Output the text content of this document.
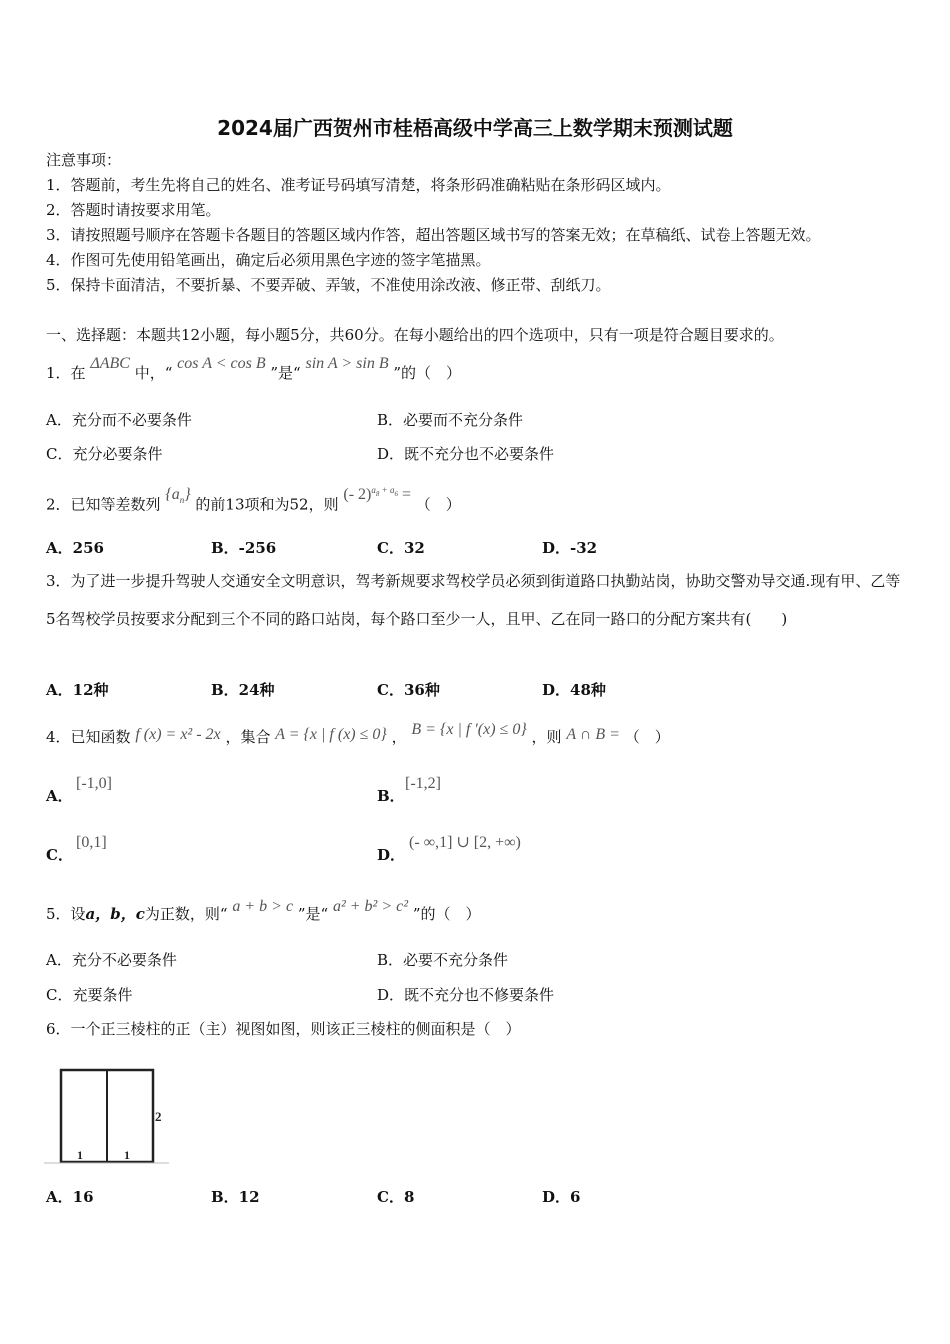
2024届广西贺州市桂梧高级中学高三上数学期末预测试题
注意事项：
1．答题前，考生先将自己的姓名、准考证号码填写清楚，将条形码准确粘贴在条形码区域内。
2．答题时请按要求用笔。
3．请按照题号顺序在答题卡各题目的答题区域内作答，超出答题区域书写的答案无效；在草稿纸、试卷上答题无效。
4．作图可先使用铅笔画出，确定后必须用黑色字迹的签字笔描黑。
5．保持卡面清洁，不要折暴、不要弄破、弄皱，不准使用涂改液、修正带、刮纸刀。
一、选择题：本题共12小题，每小题5分，共60分。在每小题给出的四个选项中，只有一项是符合题目要求的。
1．在 ΔABC 中，“ cos A < cos B ”是“ sin A > sin B ”的（　）
A．充分而不必要条件	B．必要而不充分条件
C．充分必要条件	D．既不充分也不必要条件
2．已知等差数列 $\{a_n\}$ 的前13项和为52，则 (- 2)$^{a_8 + a_6}$ = （　）
A．256	B．-256	C．32	D．-32
3．为了进一步提升驾驶人交通安全文明意识，驾考新规要求驾校学员必须到街道路口执勤站岗，协助交警劝导交通.现有甲、乙等5名驾校学员按要求分配到三个不同的路口站岗，每个路口至少一人，且甲、乙在同一路口的分配方案共有(　　)
A．12种	B．24种	C．36种	D．48种
4．已知函数 f (x) = x² - 2x ，集合 A = {x | f (x) ≤ 0} ， B = {x | f ′(x) ≤ 0} ，则 A ∩ B = （　）
A．
[-1,0]
B．
[-1,2]
C．
[0,1]
D．
(- ∞,1] ∪ [2, +∞)
5．设a，b，c为正数，则“ a + b > c ”是“ a² + b² > c² ”的（　）
A．充分不必要条件	B．必要不充分条件
C．充要条件	D．既不充分也不修要条件
6．一个正三棱柱的正（主）视图如图，则该正三棱柱的侧面积是（　）
2
1	1
A．16	B．12	C．8	D．6
